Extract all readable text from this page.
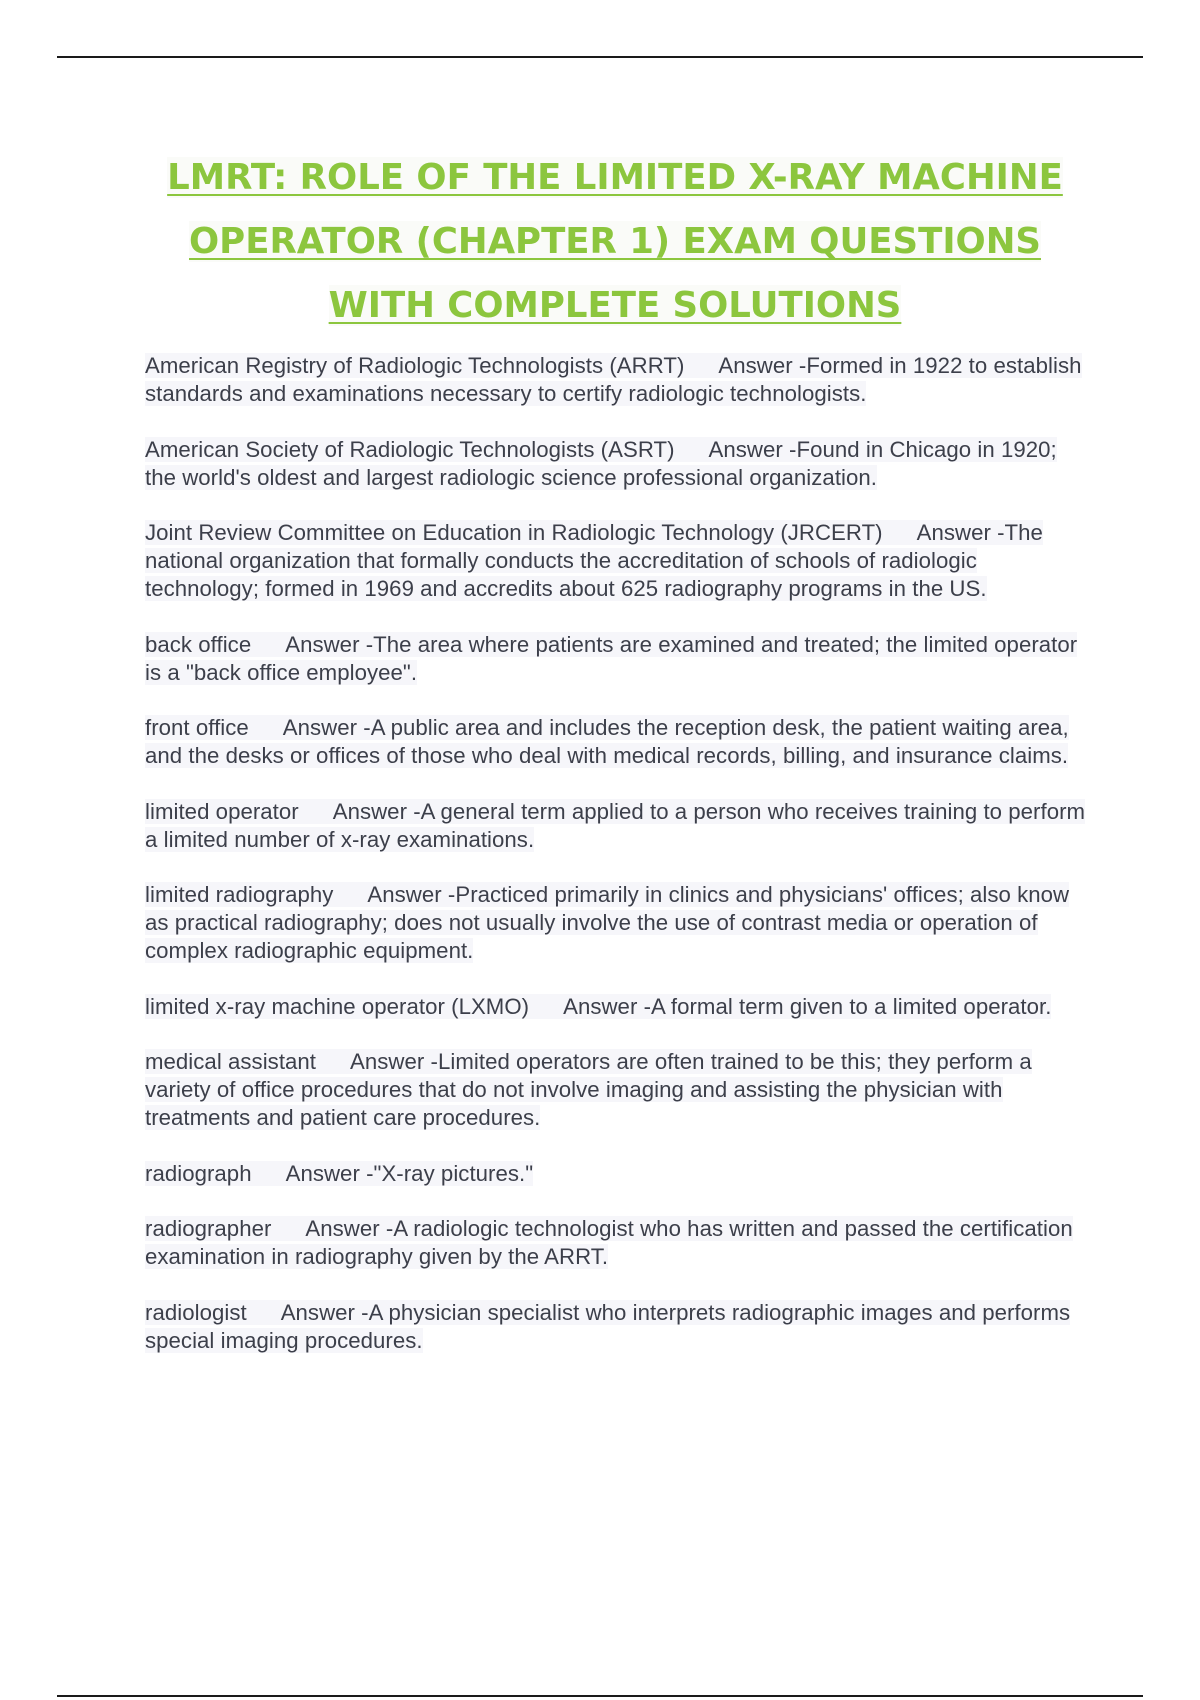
LMRT: ROLE OF THE LIMITED X-RAY MACHINE
OPERATOR (CHAPTER 1) EXAM QUESTIONS
WITH COMPLETE SOLUTIONS

American Registry of Radiologic Technologists (ARRT) Answer -Formed in 1922 to establish standards and examinations necessary to certify radiologic technologists.

American Society of Radiologic Technologists (ASRT) Answer -Found in Chicago in 1920; the world's oldest and largest radiologic science professional organization.

Joint Review Committee on Education in Radiologic Technology (JRCERT) Answer -The national organization that formally conducts the accreditation of schools of radiologic technology; formed in 1969 and accredits about 625 radiography programs in the US.

back office Answer -The area where patients are examined and treated; the limited operator is a "back office employee".

front office Answer -A public area and includes the reception desk, the patient waiting area, and the desks or offices of those who deal with medical records, billing, and insurance claims.

limited operator Answer -A general term applied to a person who receives training to perform a limited number of x-ray examinations.

limited radiography Answer -Practiced primarily in clinics and physicians' offices; also know as practical radiography; does not usually involve the use of contrast media or operation of complex radiographic equipment.

limited x-ray machine operator (LXMO) Answer -A formal term given to a limited operator.

medical assistant Answer -Limited operators are often trained to be this; they perform a variety of office procedures that do not involve imaging and assisting the physician with treatments and patient care procedures.

radiograph Answer -"X-ray pictures."

radiographer Answer -A radiologic technologist who has written and passed the certification examination in radiography given by the ARRT.

radiologist Answer -A physician specialist who interprets radiographic images and performs special imaging procedures.
